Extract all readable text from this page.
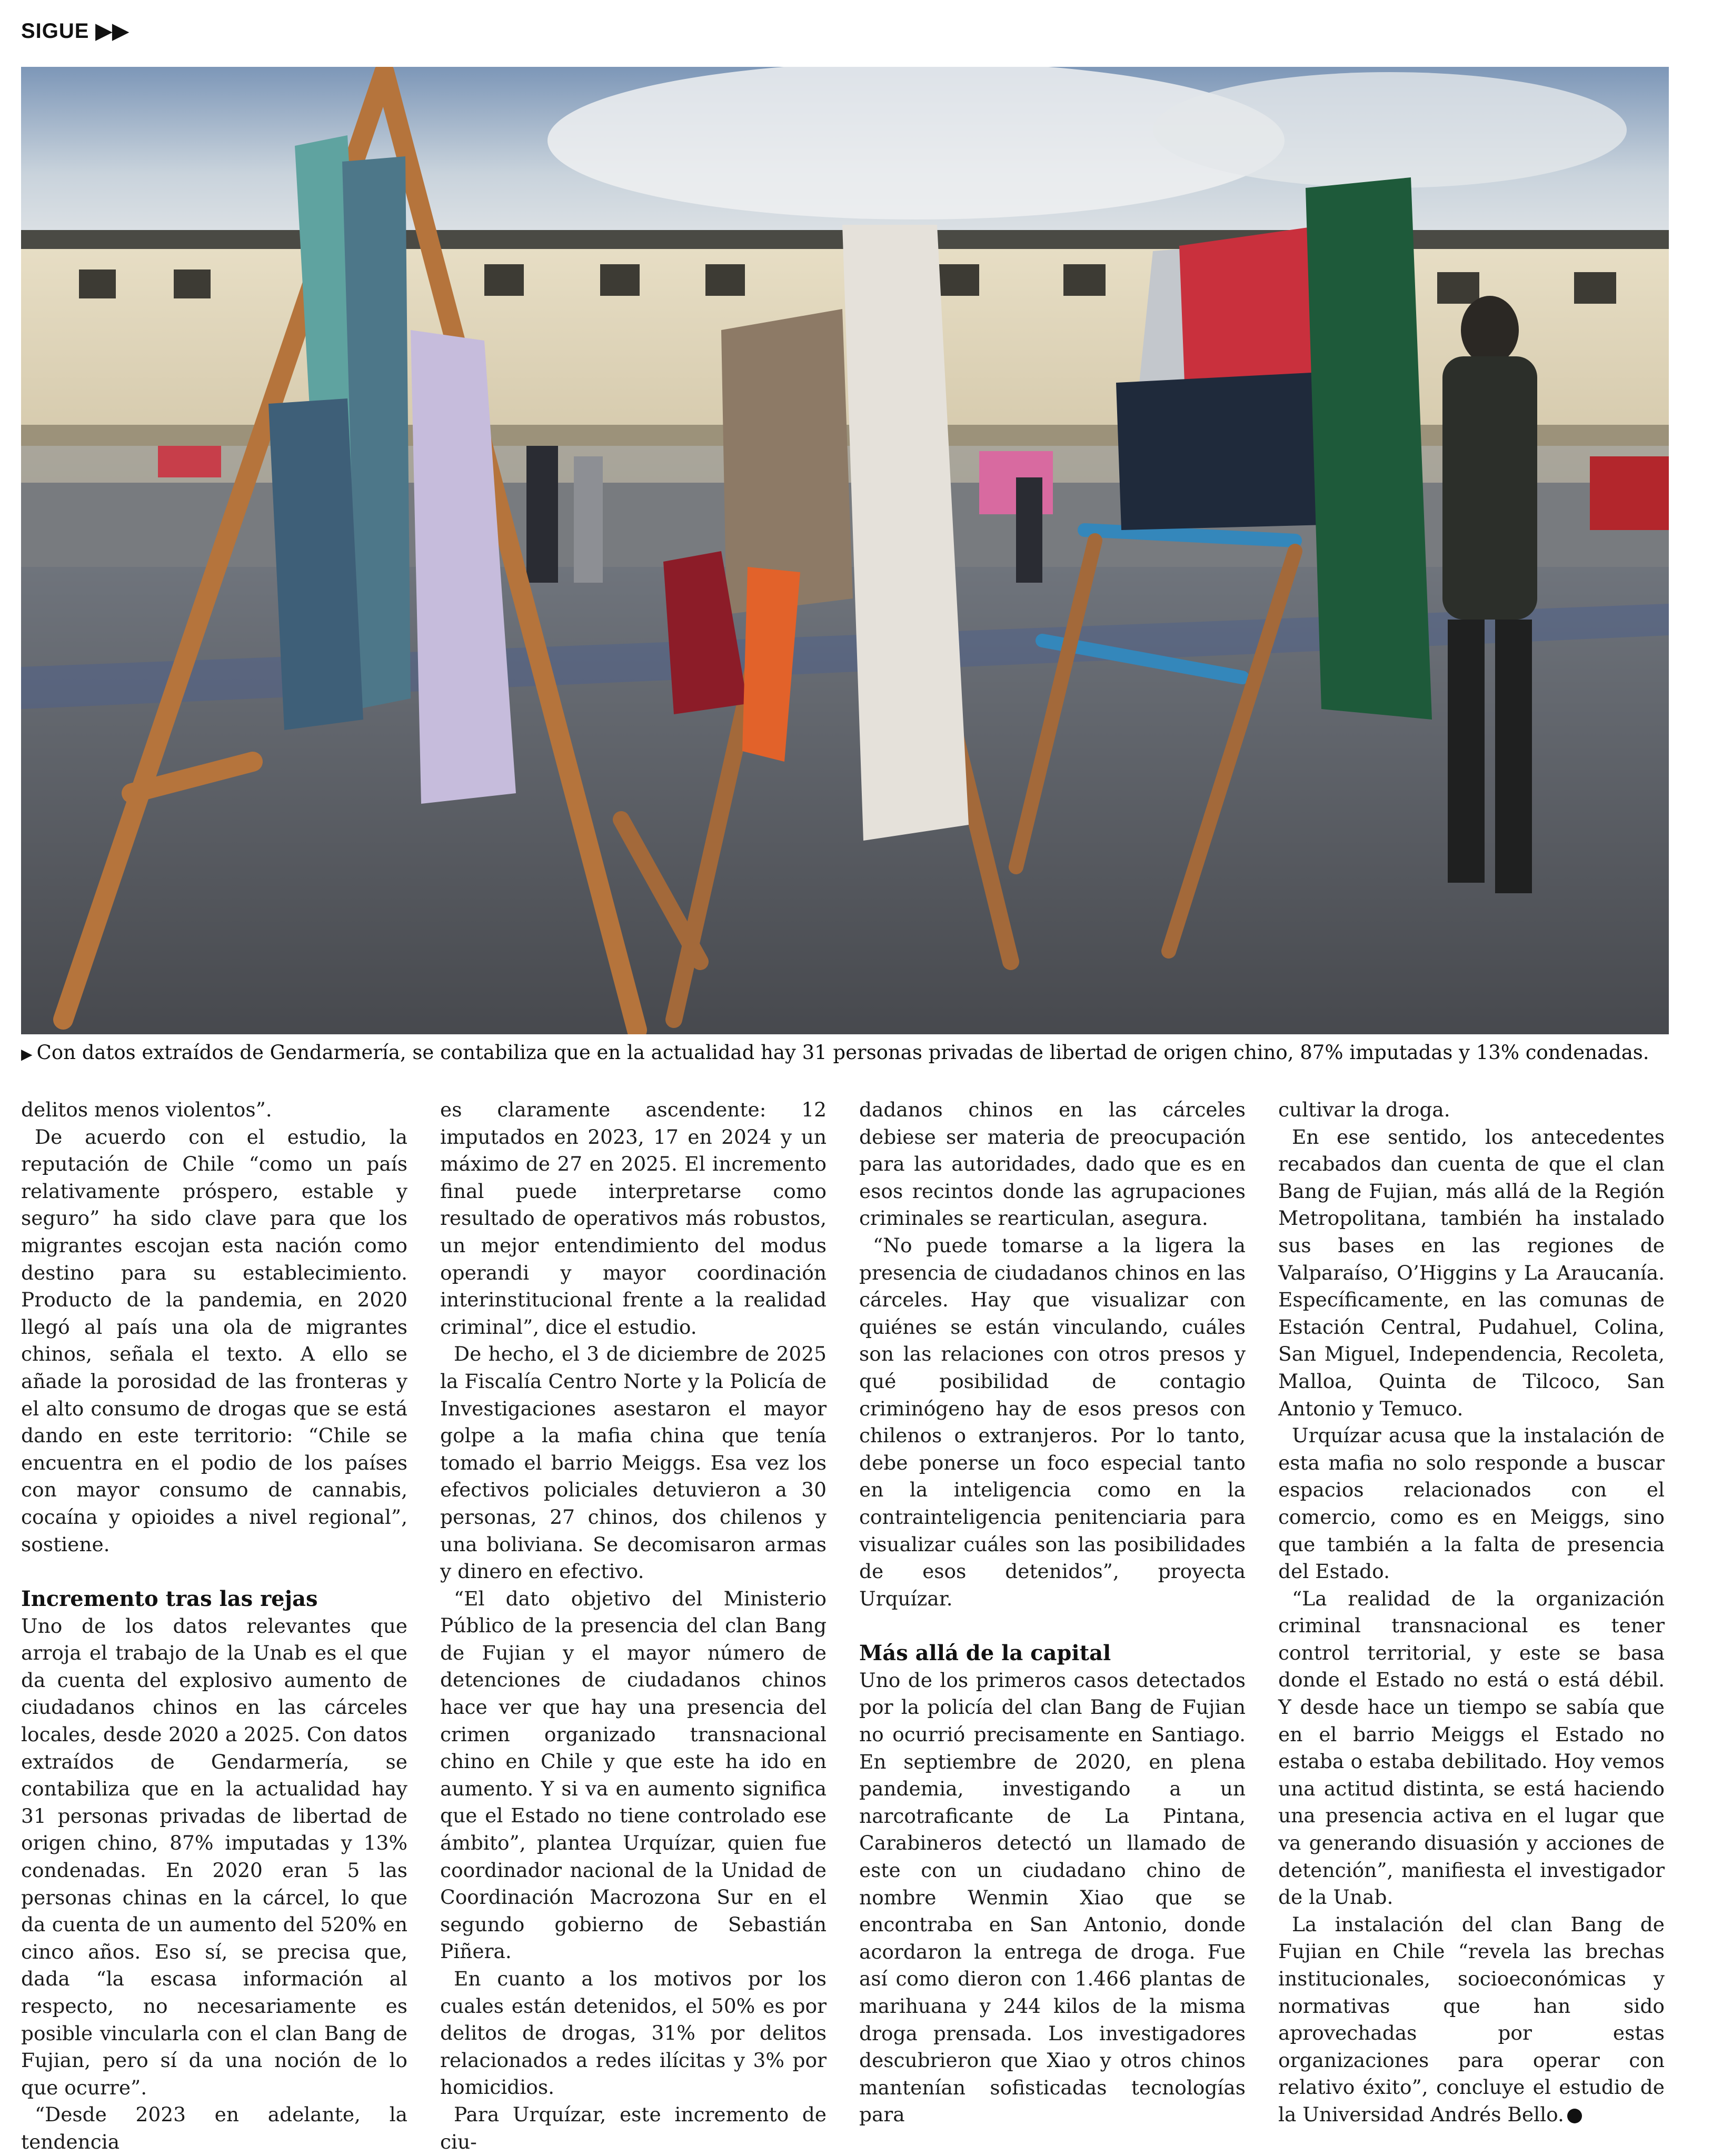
SIGUE ▶▶
▶ Con datos extraídos de Gendarmería, se contabiliza que en la actualidad hay 31 personas privadas de libertad de origen chino, 87% imputadas y 13% condenadas.

delitos menos violentos”.

De acuerdo con el estudio, la reputación de Chile “como un país relativamente próspero, estable y seguro” ha sido clave para que los migrantes escojan esta nación como destino para su establecimiento. Producto de la pandemia, en 2020 llegó al país una ola de migrantes chinos, señala el texto. A ello se añade la porosidad de las fronteras y el alto consumo de drogas que se está dando en este territorio: “Chile se encuentra en el podio de los países con mayor consumo de cannabis, cocaína y opioides a nivel regional”, sostiene.

Incremento tras las rejas

Uno de los datos relevantes que arroja el trabajo de la Unab es el que da cuenta del explosivo aumento de ciudadanos chinos en las cárceles locales, desde 2020 a 2025. Con datos extraídos de Gendarmería, se contabiliza que en la actualidad hay 31 personas privadas de libertad de origen chino, 87% imputadas y 13% condenadas. En 2020 eran 5 las personas chinas en la cárcel, lo que da cuenta de un aumento del 520% en cinco años. Eso sí, se precisa que, dada “la escasa información al respecto, no necesariamente es posible vincularla con el clan Bang de Fujian, pero sí da una noción de lo que ocurre”.

“Desde 2023 en adelante, la tendencia

es claramente ascendente: 12 imputados en 2023, 17 en 2024 y un máximo de 27 en 2025. El incremento final puede interpretarse como resultado de operativos más robustos, un mejor entendimiento del modus operandi y mayor coordinación interinstitucional frente a la realidad criminal”, dice el estudio.

De hecho, el 3 de diciembre de 2025 la Fiscalía Centro Norte y la Policía de Investigaciones asestaron el mayor golpe a la mafia china que tenía tomado el barrio Meiggs. Esa vez los efectivos policiales detuvieron a 30 personas, 27 chinos, dos chilenos y una boliviana. Se decomisaron armas y dinero en efectivo.

“El dato objetivo del Ministerio Público de la presencia del clan Bang de Fujian y el mayor número de detenciones de ciudadanos chinos hace ver que hay una presencia del crimen organizado transnacional chino en Chile y que este ha ido en aumento. Y si va en aumento significa que el Estado no tiene controlado ese ámbito”, plantea Urquízar, quien fue coordinador nacional de la Unidad de Coordinación Macrozona Sur en el segundo gobierno de Sebastián Piñera.

En cuanto a los motivos por los cuales están detenidos, el 50% es por delitos de drogas, 31% por delitos relacionados a redes ilícitas y 3% por homicidios.

Para Urquízar, este incremento de ciu-

dadanos chinos en las cárceles debiese ser materia de preocupación para las autoridades, dado que es en esos recintos donde las agrupaciones criminales se rearticulan, asegura.

“No puede tomarse a la ligera la presencia de ciudadanos chinos en las cárceles. Hay que visualizar con quiénes se están vinculando, cuáles son las relaciones con otros presos y qué posibilidad de contagio criminógeno hay de esos presos con chilenos o extranjeros. Por lo tanto, debe ponerse un foco especial tanto en la inteligencia como en la contrainteligencia penitenciaria para visualizar cuáles son las posibilidades de esos detenidos”, proyecta Urquízar.

Más allá de la capital

Uno de los primeros casos detectados por la policía del clan Bang de Fujian no ocurrió precisamente en Santiago. En septiembre de 2020, en plena pandemia, investigando a un narcotraficante de La Pintana, Carabineros detectó un llamado de este con un ciudadano chino de nombre Wenmin Xiao que se encontraba en San Antonio, donde acordaron la entrega de droga. Fue así como dieron con 1.466 plantas de marihuana y 244 kilos de la misma droga prensada. Los investigadores descubrieron que Xiao y otros chinos mantenían sofisticadas tecnologías para

cultivar la droga.

En ese sentido, los antecedentes recabados dan cuenta de que el clan Bang de Fujian, más allá de la Región Metropolitana, también ha instalado sus bases en las regiones de Valparaíso, O’Higgins y La Araucanía. Específicamente, en las comunas de Estación Central, Pudahuel, Colina, San Miguel, Independencia, Recoleta, Malloa, Quinta de Tilcoco, San Antonio y Temuco.

Urquízar acusa que la instalación de esta mafia no solo responde a buscar espacios relacionados con el comercio, como es en Meiggs, sino que también a la falta de presencia del Estado.

“La realidad de la organización criminal transnacional es tener control territorial, y este se basa donde el Estado no está o está débil. Y desde hace un tiempo se sabía que en el barrio Meiggs el Estado no estaba o estaba debilitado. Hoy vemos una actitud distinta, se está haciendo una presencia activa en el lugar que va generando disuasión y acciones de detención”, manifiesta el investigador de la Unab.

La instalación del clan Bang de Fujian en Chile “revela las brechas institucionales, socioeconómicas y normativas que han sido aprovechadas por estas organizaciones para operar con relativo éxito”, concluye el estudio de la Universidad Andrés Bello.
